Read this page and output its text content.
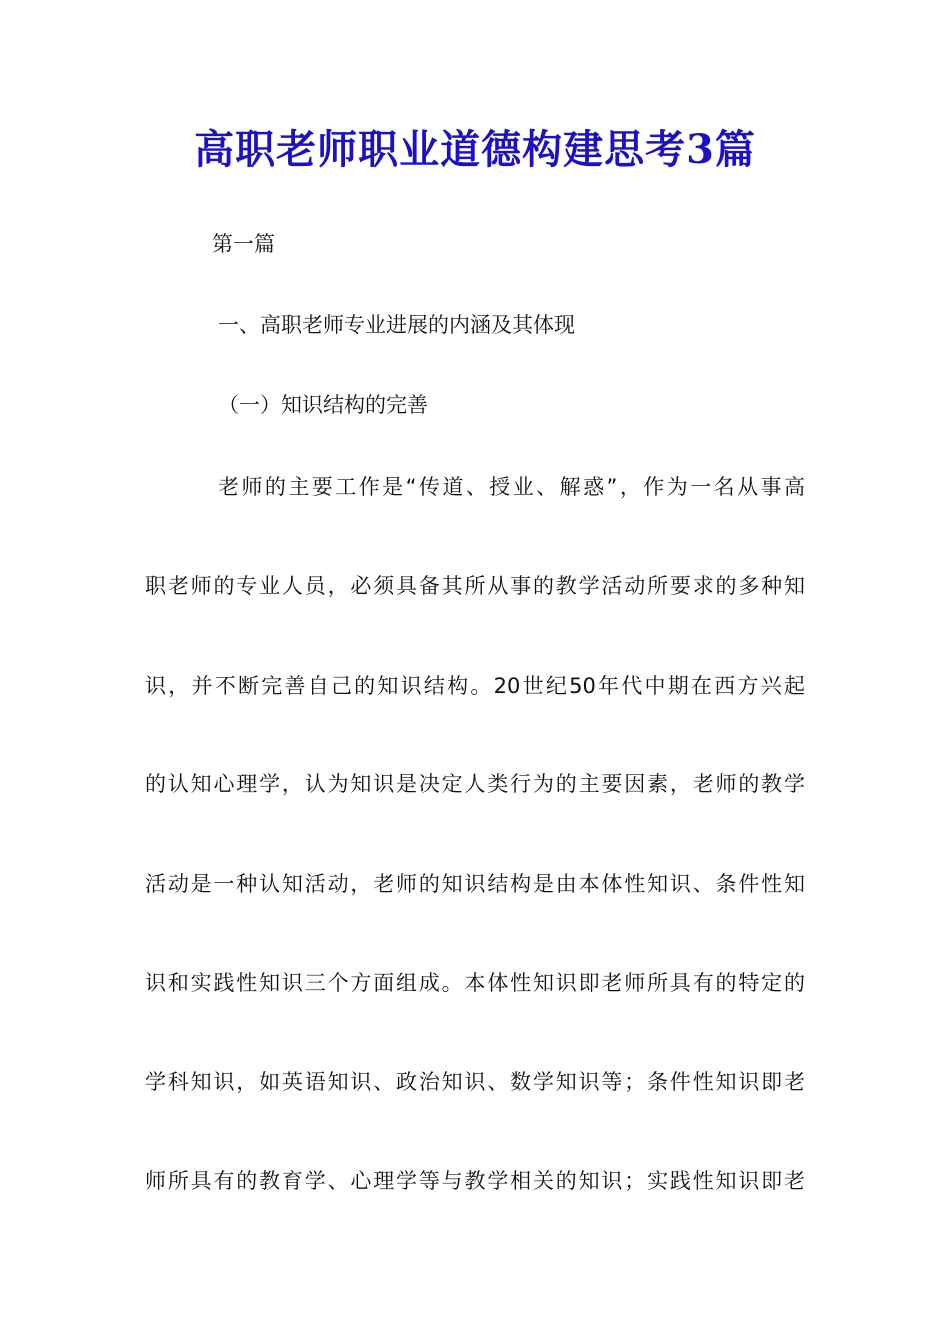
高职老师职业道德构建思考3篇
第一篇
一、高职老师专业进展的内涵及其体现
（一）知识结构的完善
老师的主要工作是“传道、授业、解惑”，作为一名从事高
职老师的专业人员，必须具备其所从事的教学活动所要求的多种知
识，并不断完善自己的知识结构。20世纪50年代中期在西方兴起
的认知心理学，认为知识是决定人类行为的主要因素，老师的教学
活动是一种认知活动，老师的知识结构是由本体性知识、条件性知
识和实践性知识三个方面组成。本体性知识即老师所具有的特定的
学科知识，如英语知识、政治知识、数学知识等；条件性知识即老
师所具有的教育学、心理学等与教学相关的知识；实践性知识即老
